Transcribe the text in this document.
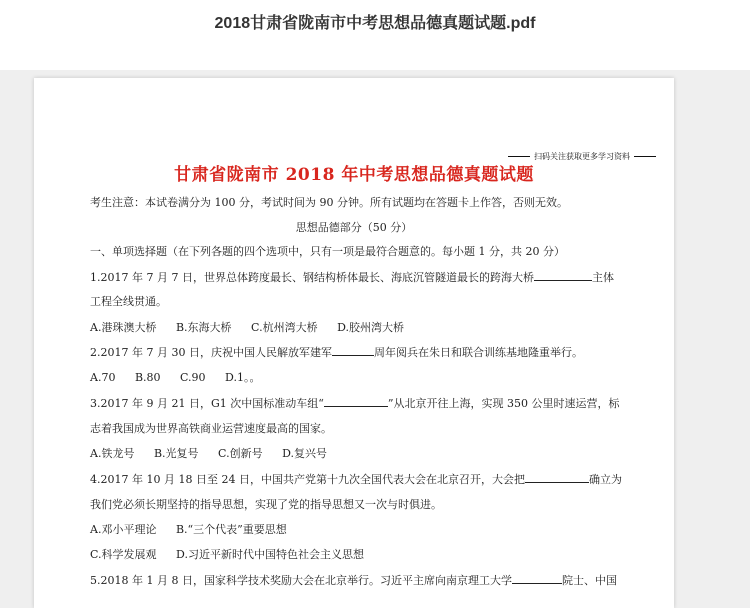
2018甘肃省陇南市中考思想品德真题试题.pdf
扫码关注获取更多学习资料
甘肃省陇南市 2018 年中考思想品德真题试题
考生注意：本试卷满分为 100 分，考试时间为 90 分钟。所有试题均在答题卡上作答，否则无效。
思想品德部分（50 分）
一、单项选择题（在下列各题的四个选项中，只有一项是最符合题意的。每小题 1 分，共 20 分）
1.2017 年 7 月 7 日，世界总体跨度最长、钢结构桥体最长、海底沉管隧道最长的跨海大桥	主体
工程全线贯通。
A.港珠澳大桥 B.东海大桥 C.杭州湾大桥 D.胶州湾大桥
2.2017 年 7 月 30 日，庆祝中国人民解放军建军	周年阅兵在朱日和联合训练基地隆重举行。
A.70 B.80 C.90 D.1。。
3.2017 年 9 月 21 日，G1 次中国标准动车组“	”从北京开往上海，实现 350 公里时速运营，标
志着我国成为世界高铁商业运营速度最高的国家。
A.铁龙号 B.光复号 C.创新号 D.复兴号
4.2017 年 10 月 18 日至 24 日，中国共产党第十九次全国代表大会在北京召开，大会把	确立为
我们党必须长期坚持的指导思想，实现了党的指导思想又一次与时俱进。
A.邓小平理论 B.“三个代表”重要思想
C.科学发展观 D.习近平新时代中国特色社会主义思想
5.2018 年 1 月 8 日，国家科学技术奖励大会在北京举行。习近平主席向南京理工大学	院士、中国
